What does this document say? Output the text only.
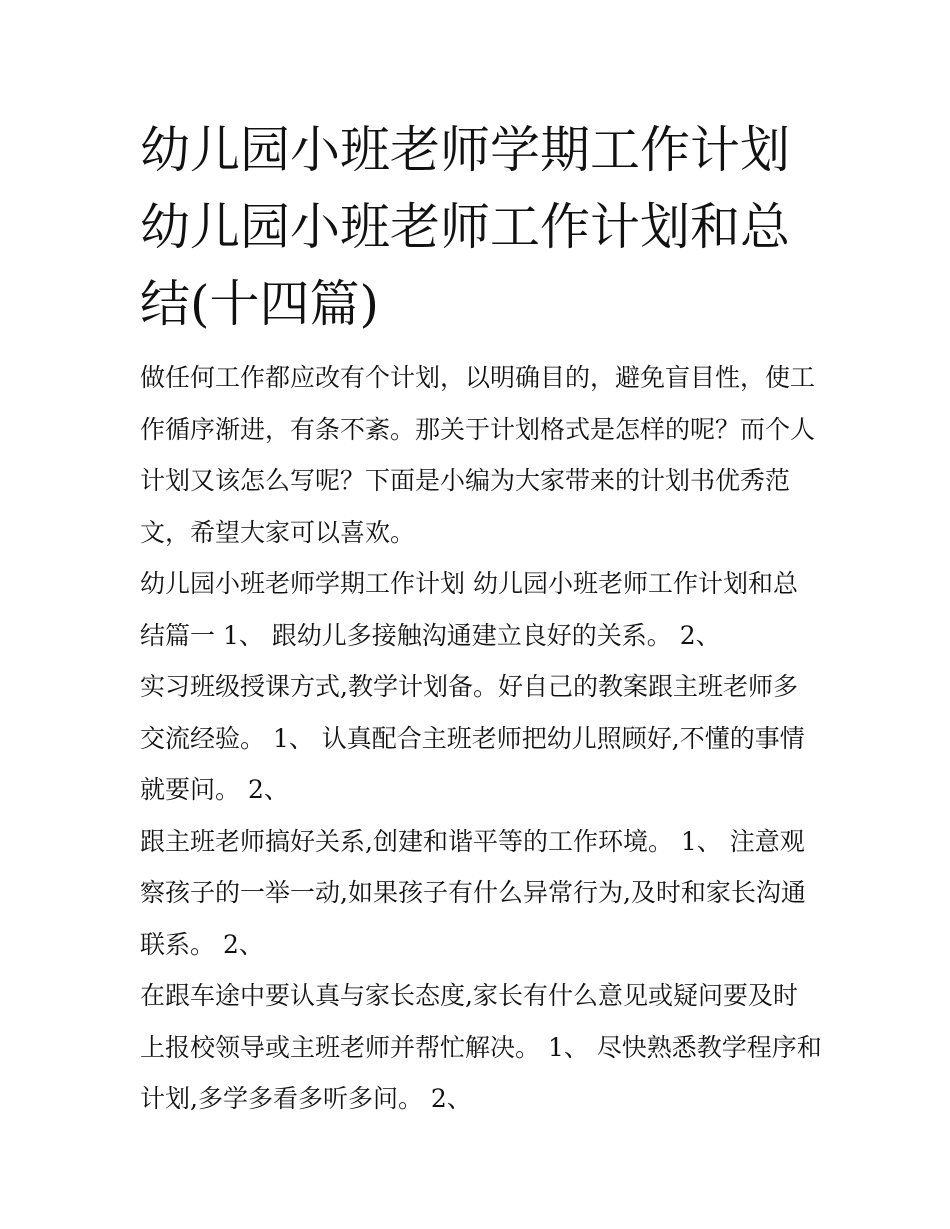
幼儿园小班老师学期工作计划
幼儿园小班老师工作计划和总
结(十四篇)
做任何工作都应改有个计划，以明确目的，避免盲目性，使工
作循序渐进，有条不紊。那关于计划格式是怎样的呢？而个人
计划又该怎么写呢？下面是小编为大家带来的计划书优秀范
文，希望大家可以喜欢。
幼儿园小班老师学期工作计划 幼儿园小班老师工作计划和总
结篇一 1、 跟幼儿多接触沟通建立良好的关系。 2、
实习班级授课方式,教学计划备。好自己的教案跟主班老师多
交流经验。 1、 认真配合主班老师把幼儿照顾好,不懂的事情
就要问。 2、
跟主班老师搞好关系,创建和谐平等的工作环境。 1、 注意观
察孩子的一举一动,如果孩子有什么异常行为,及时和家长沟通
联系。 2、
在跟车途中要认真与家长态度,家长有什么意见或疑问要及时
上报校领导或主班老师并帮忙解决。 1、 尽快熟悉教学程序和
计划,多学多看多听多问。 2、
